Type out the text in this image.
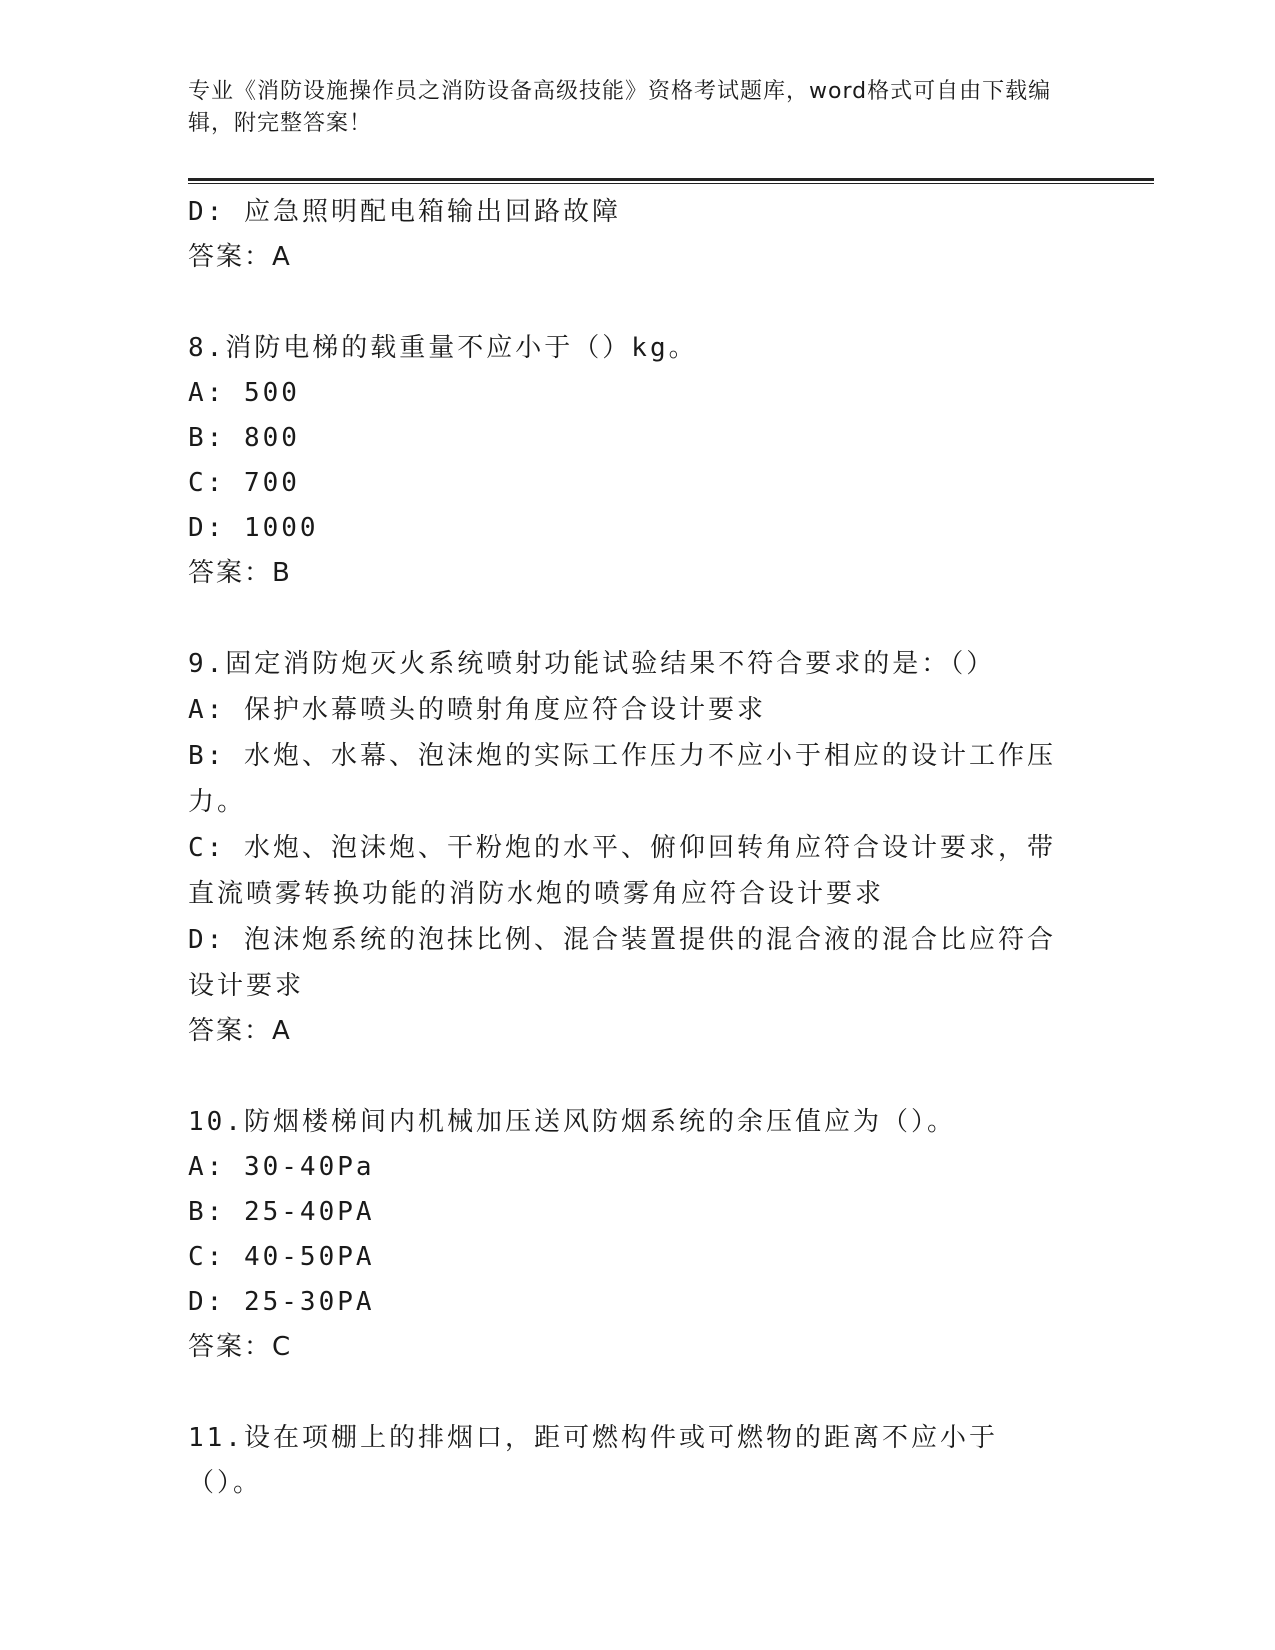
专业《消防设施操作员之消防设备高级技能》资格考试题库，word格式可自由下载编辑，附完整答案！

D: 应急照明配电箱输出回路故障

答案：A

8.消防电梯的载重量不应小于（）kg。

A: 500

B: 800

C: 700

D: 1000

答案：B

9.固定消防炮灭火系统喷射功能试验结果不符合要求的是：（）

A: 保护水幕喷头的喷射角度应符合设计要求

B: 水炮、水幕、泡沫炮的实际工作压力不应小于相应的设计工作压力。

C: 水炮、泡沫炮、干粉炮的水平、俯仰回转角应符合设计要求，带直流喷雾转换功能的消防水炮的喷雾角应符合设计要求

D: 泡沫炮系统的泡抹比例、混合装置提供的混合液的混合比应符合设计要求

答案：A

10.防烟楼梯间内机械加压送风防烟系统的余压值应为（）。

A: 30-40Pa

B: 25-40PA

C: 40-50PA

D: 25-30PA

答案：C

11.设在项棚上的排烟口，距可燃构件或可燃物的距离不应小于（）。
